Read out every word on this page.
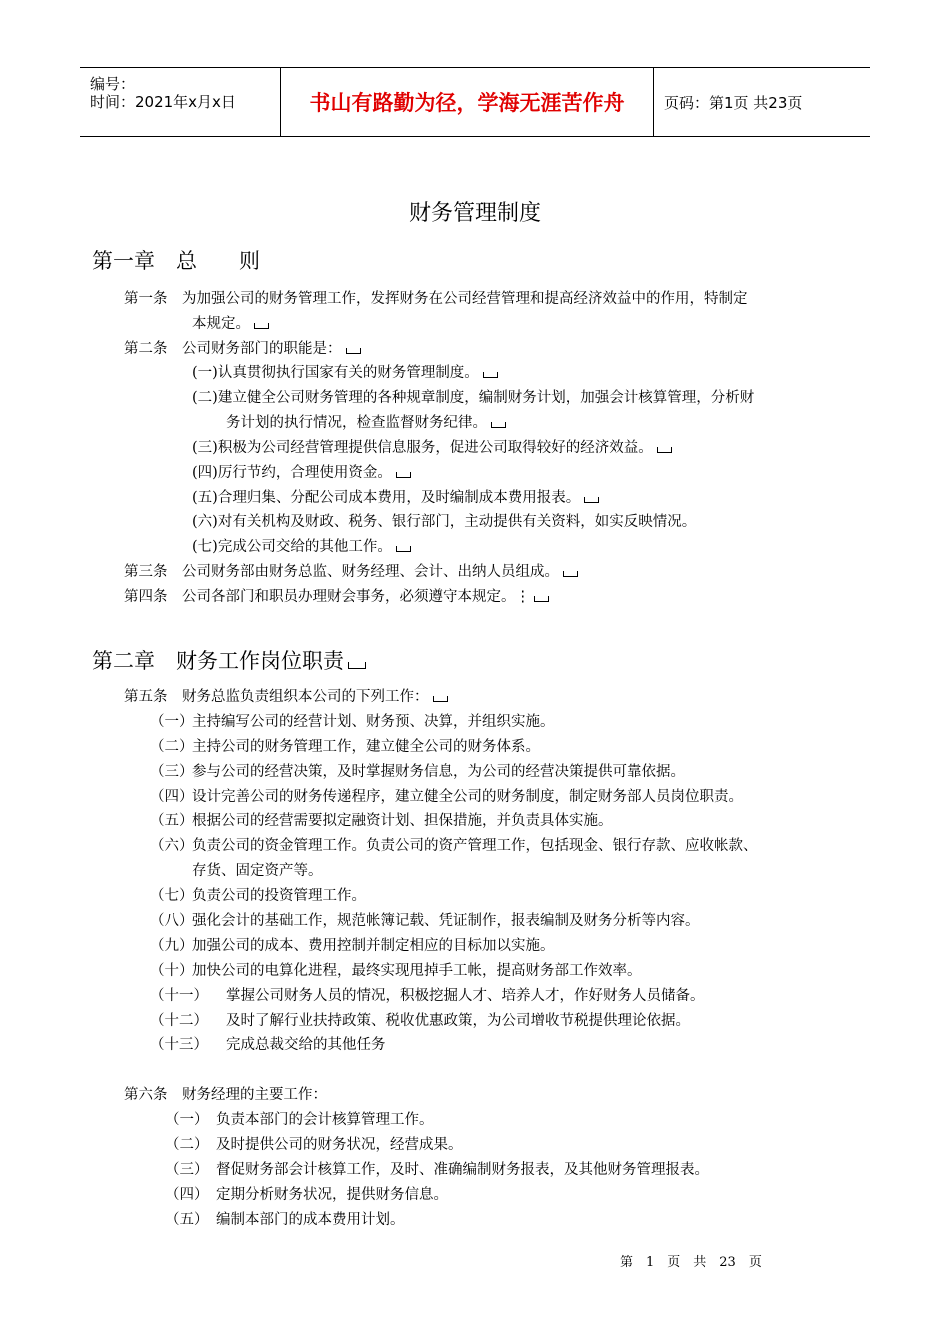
编号：
时间：2021年x月x日	书山有路勤为径，学海无涯苦作舟	页码：第1页 共23页
财务管理制度
第一章　总　　则
第一条　为加强公司的财务管理工作，发挥财务在公司经营管理和提高经济效益中的作用，特制定
本规定。
第二条　公司财务部门的职能是：
(一)认真贯彻执行国家有关的财务管理制度。
(二)建立健全公司财务管理的各种规章制度，编制财务计划，加强会计核算管理，分析财
务计划的执行情况，检查监督财务纪律。
(三)积极为公司经营管理提供信息服务，促进公司取得较好的经济效益。
(四)厉行节约，合理使用资金。
(五)合理归集、分配公司成本费用，及时编制成本费用报表。
(六)对有关机构及财政、税务、银行部门，主动提供有关资料，如实反映情况。
(七)完成公司交给的其他工作。
第三条　公司财务部由财务总监、财务经理、会计、出纳人员组成。
第四条　公司各部门和职员办理财会事务，必须遵守本规定。⋮
第二章　财务工作岗位职责
第五条　财务总监负责组织本公司的下列工作：
（一）
主持编写公司的经营计划、财务预、决算，并组织实施。
（二）
主持公司的财务管理工作，建立健全公司的财务体系。
（三）
参与公司的经营决策，及时掌握财务信息，为公司的经营决策提供可靠依据。
（四）
设计完善公司的财务传递程序，建立健全公司的财务制度，制定财务部人员岗位职责。
（五）
根据公司的经营需要拟定融资计划、担保措施，并负责具体实施。
（六）
负责公司的资金管理工作。负责公司的资产管理工作，包括现金、银行存款、应收帐款、
存货、固定资产等。
（七）
负责公司的投资管理工作。
（八）
强化会计的基础工作，规范帐簿记载、凭证制作，报表编制及财务分析等内容。
（九）
加强公司的成本、费用控制并制定相应的目标加以实施。
（十）
加快公司的电算化进程，最终实现甩掉手工帐，提高财务部工作效率。
（十一） 掌握公司财务人员的情况，积极挖掘人才、培养人才，作好财务人员储备。
（十二） 及时了解行业扶持政策、税收优惠政策，为公司增收节税提供理论依据。
（十三） 完成总裁交给的其他任务
第六条　财务经理的主要工作：
（一） 负责本部门的会计核算管理工作。
（二） 及时提供公司的财务状况，经营成果。
（三） 督促财务部会计核算工作，及时、准确编制财务报表，及其他财务管理报表。
（四） 定期分析财务状况，提供财务信息。
（五） 编制本部门的成本费用计划。
第　1　页　共　23　页
